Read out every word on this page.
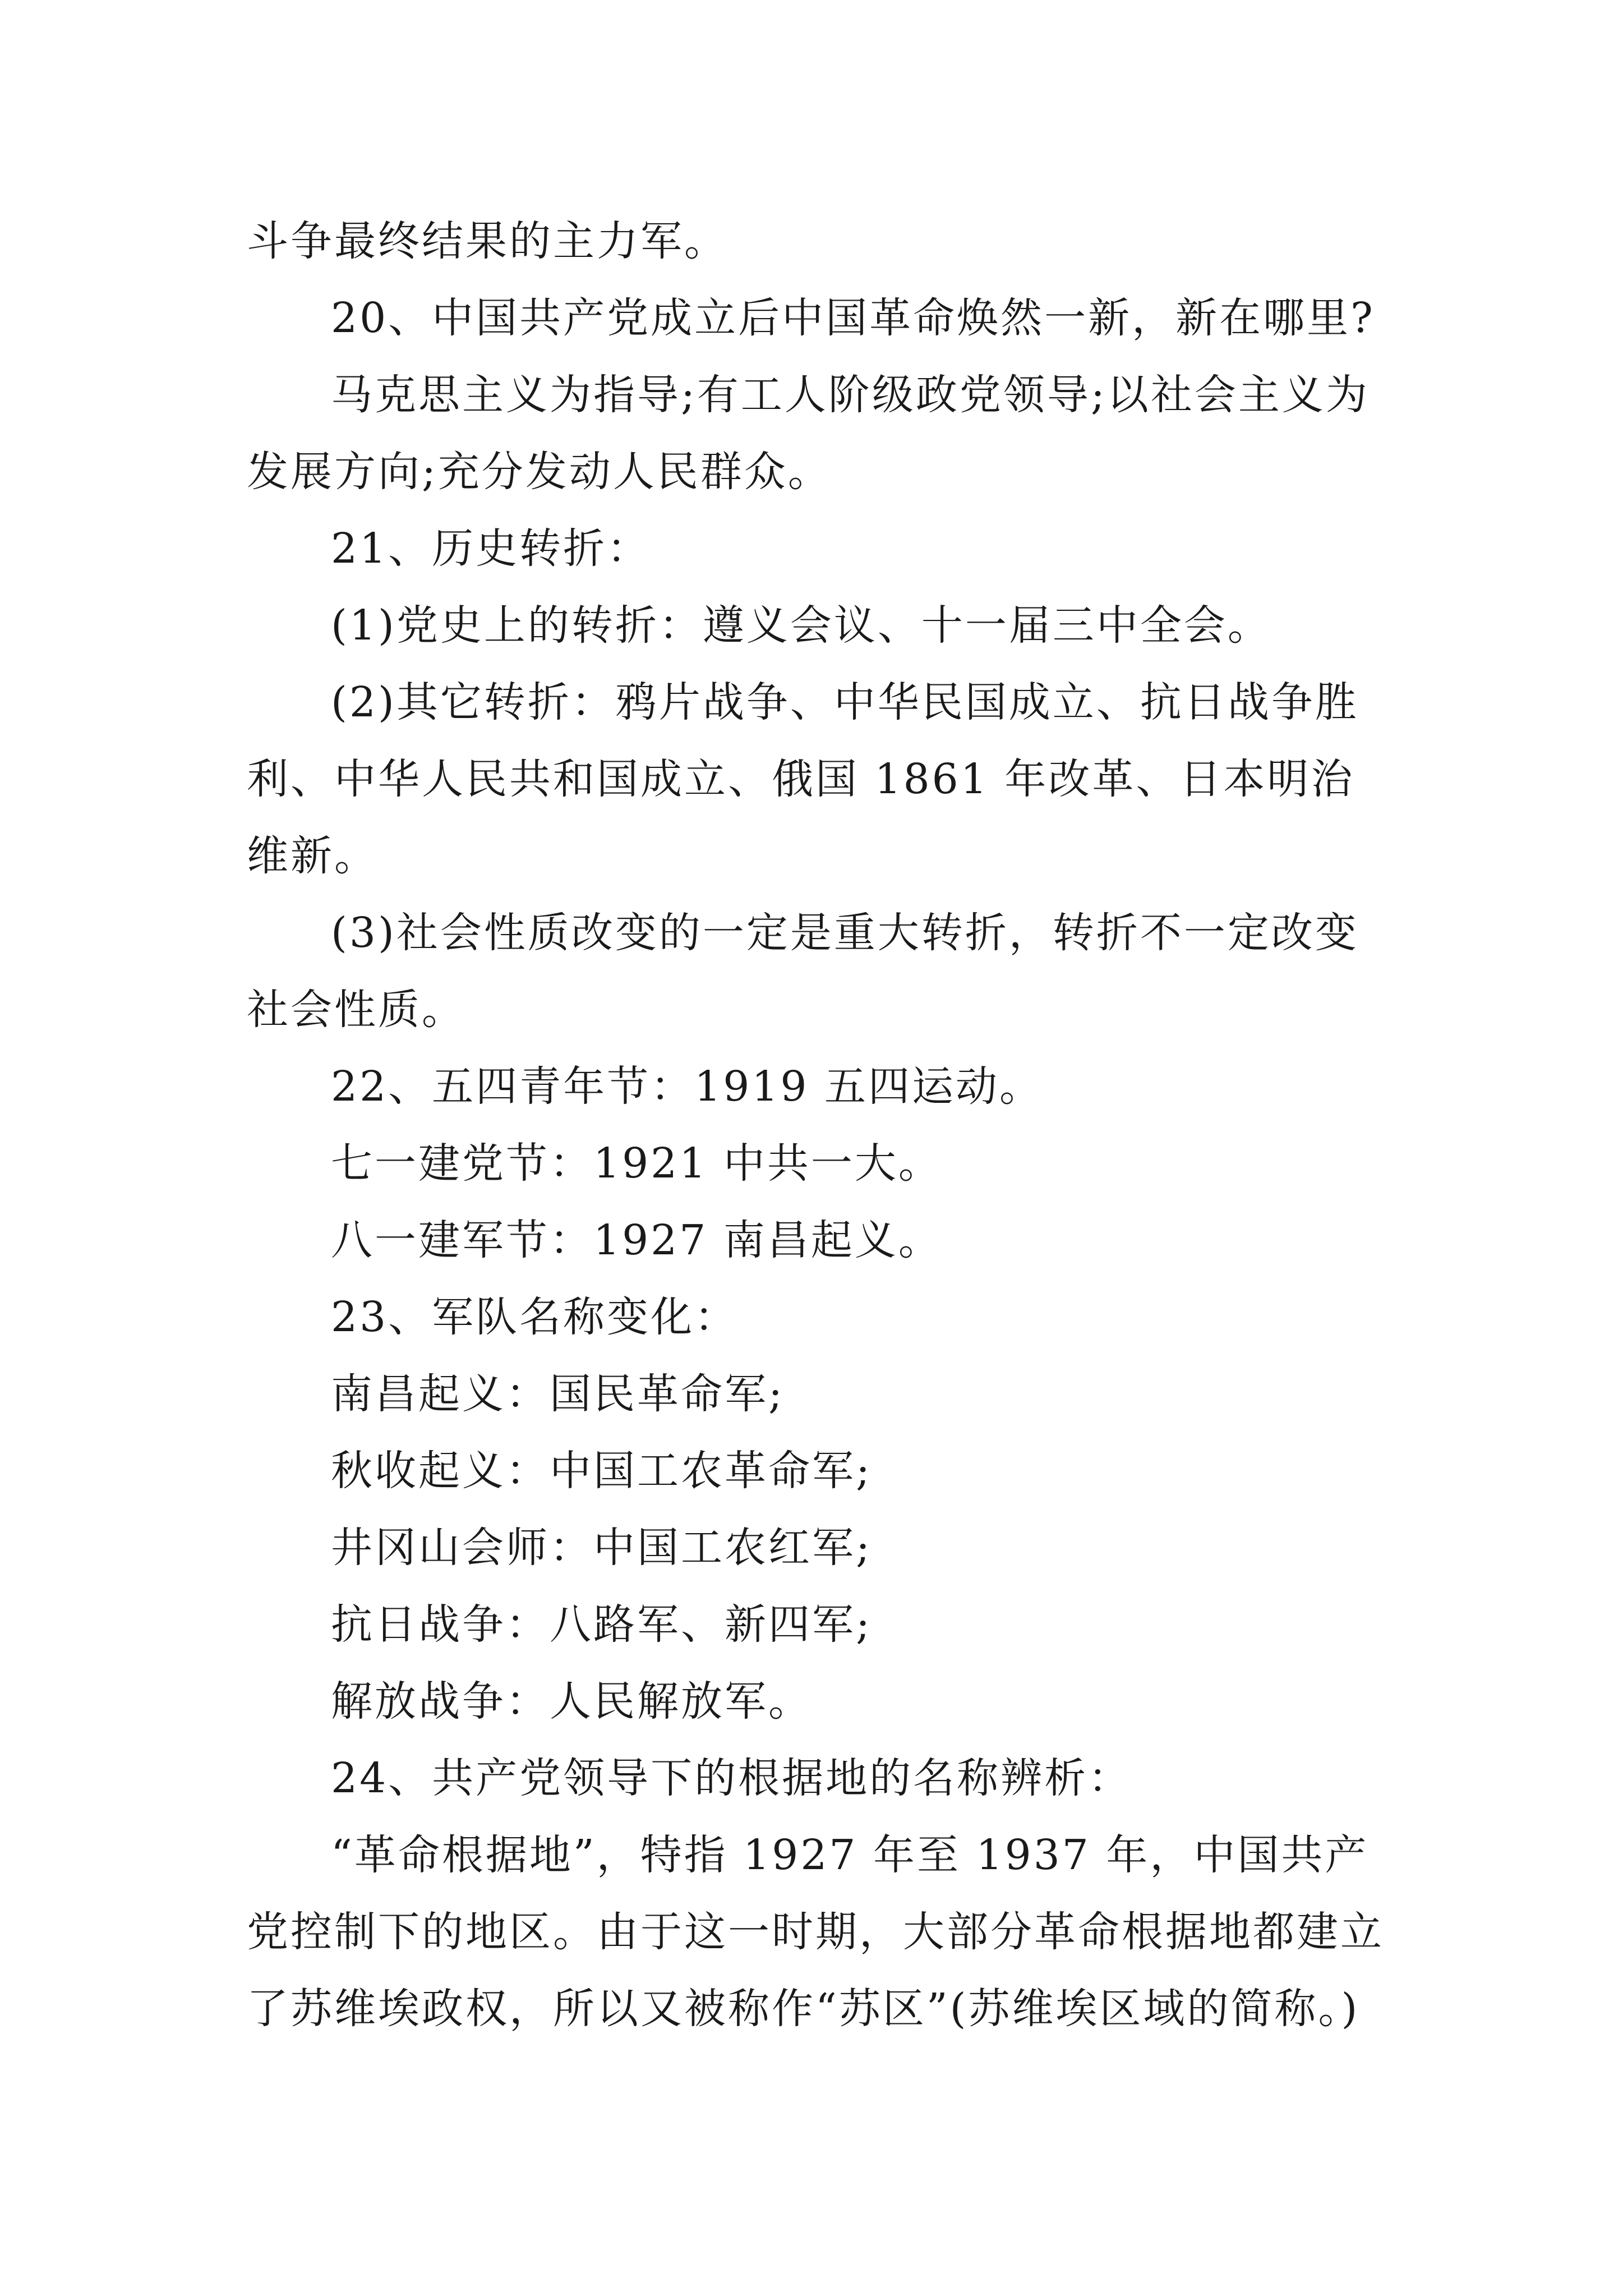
斗争最终结果的主力军。

20、中国共产党成立后中国革命焕然一新，新在哪里?

马克思主义为指导;有工人阶级政党领导;以社会主义为发展方向;充分发动人民群众。

21、历史转折：

(1)党史上的转折：遵义会议、十一届三中全会。

(2)其它转折：鸦片战争、中华民国成立、抗日战争胜利、中华人民共和国成立、俄国 1861 年改革、日本明治维新。

(3)社会性质改变的一定是重大转折，转折不一定改变社会性质。

22、五四青年节：1919 五四运动。

七一建党节：1921 中共一大。

八一建军节：1927 南昌起义。

23、军队名称变化：

南昌起义：国民革命军;

秋收起义：中国工农革命军;

井冈山会师：中国工农红军;

抗日战争：八路军、新四军;

解放战争：人民解放军。

24、共产党领导下的根据地的名称辨析：

“革命根据地”，特指 1927 年至 1937 年，中国共产党控制下的地区。由于这一时期，大部分革命根据地都建立了苏维埃政权，所以又被称作“苏区”(苏维埃区域的简称。)
